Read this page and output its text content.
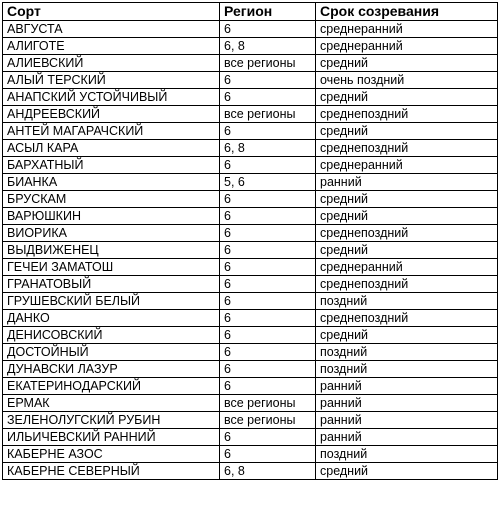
Сорт	Регион	Срок созревания
АВГУСТА	6	среднеранний
АЛИГОТЕ	6, 8	среднеранний
АЛИЕВСКИЙ	все регионы	средний
АЛЫЙ ТЕРСКИЙ	6	очень поздний
АНАПСКИЙ УСТОЙЧИВЫЙ	6	средний
АНДРЕЕВСКИЙ	все регионы	среднепоздний
АНТЕЙ МАГАРАЧСКИЙ	6	средний
АСЫЛ КАРА	6, 8	среднепоздний
БАРХАТНЫЙ	6	среднеранний
БИАНКА	5, 6	ранний
БРУСКАМ	6	средний
ВАРЮШКИН	6	средний
ВИОРИКА	6	среднепоздний
ВЫДВИЖЕНЕЦ	6	средний
ГЕЧЕИ ЗАМАТОШ	6	среднеранний
ГРАНАТОВЫЙ	6	среднепоздний
ГРУШЕВСКИЙ БЕЛЫЙ	6	поздний
ДАНКО	6	среднепоздний
ДЕНИСОВСКИЙ	6	средний
ДОСТОЙНЫЙ	6	поздний
ДУНАВСКИ ЛАЗУР	6	поздний
ЕКАТЕРИНОДАРСКИЙ	6	ранний
ЕРМАК	все регионы	ранний
ЗЕЛЕНОЛУГСКИЙ РУБИН	все регионы	ранний
ИЛЬИЧЕВСКИЙ РАННИЙ	6	ранний
КАБЕРНЕ АЗОС	6	поздний
КАБЕРНЕ СЕВЕРНЫЙ	6, 8	средний
